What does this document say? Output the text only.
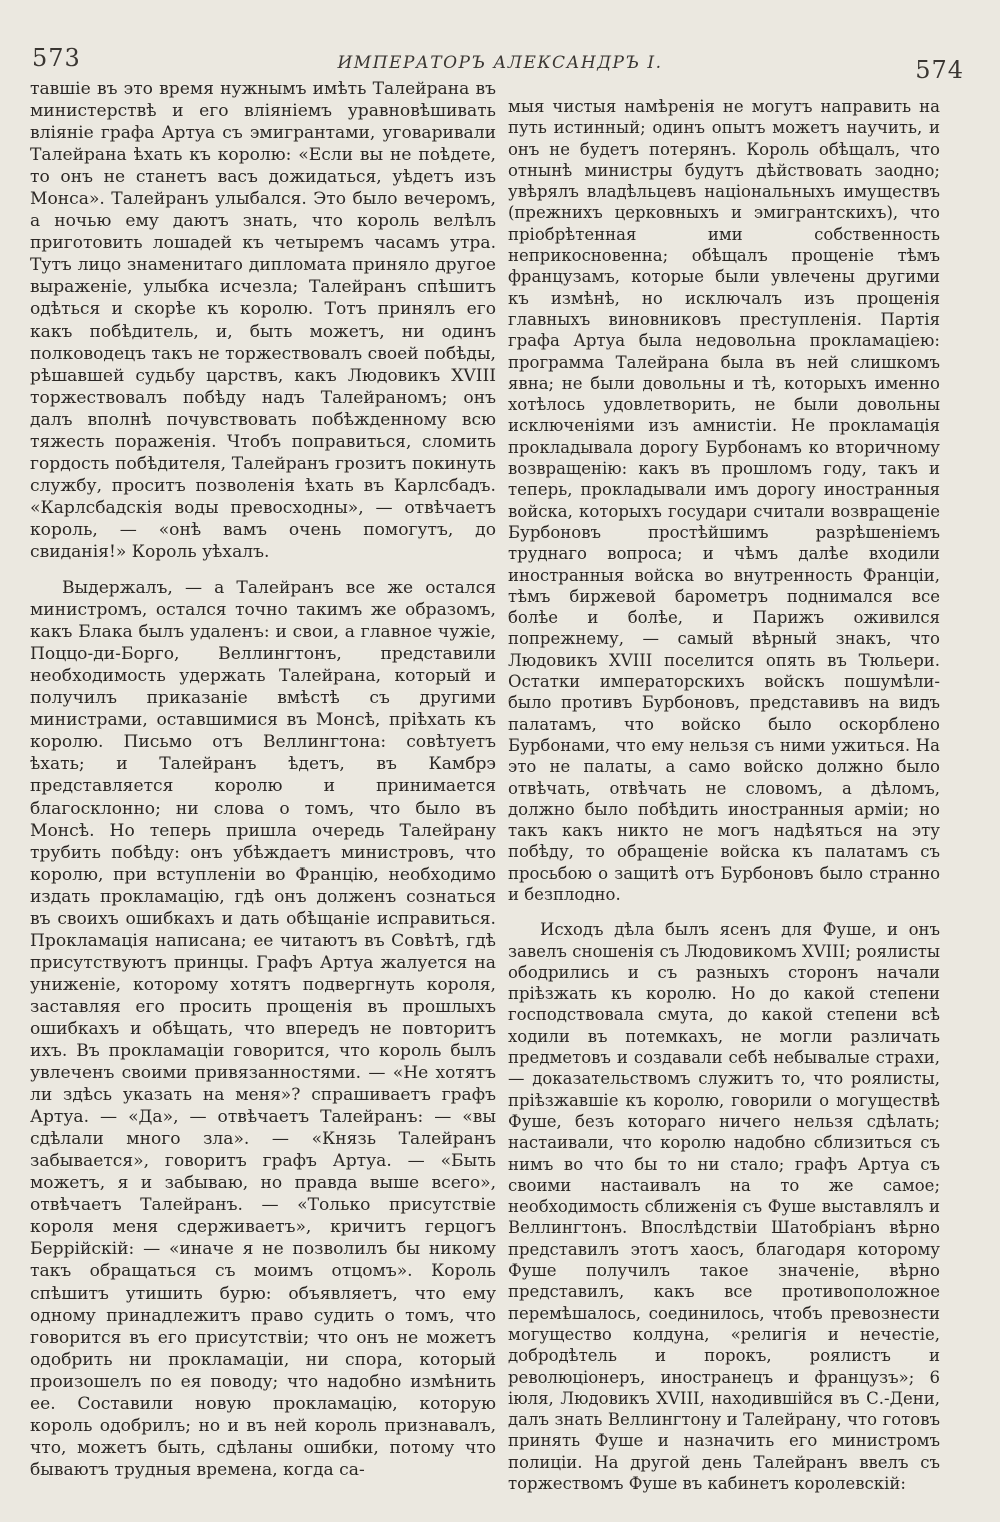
573	ИМПЕРАТОРЪ АЛЕКСАНДРЪ I.	574

тавшіе въ это время нужнымъ имѣть Талейрана въ министерствѣ и его вліяніемъ уравновѣшивать вліяніе графа Артуа съ эмигрантами, уговаривали Талейрана ѣхать къ королю: «Если вы не поѣдете, то онъ не станетъ васъ дожидаться, уѣдетъ изъ Монса». Талейранъ улыбался. Это было вечеромъ, а ночью ему даютъ знать, что король велѣлъ приготовить лошадей къ четыремъ часамъ утра. Тутъ лицо знаменитаго дипломата приняло другое выраженіе, улыбка исчезла; Талейранъ спѣшитъ одѣться и скорѣе къ королю. Тотъ принялъ его какъ побѣдитель, и, быть можетъ, ни одинъ полководецъ такъ не торжествовалъ своей побѣды, рѣшавшей судьбу царствъ, какъ Людовикъ XVIII торжествовалъ побѣду надъ Талейраномъ; онъ далъ вполнѣ почувствовать побѣжденному всю тяжесть пораженія. Чтобъ поправиться, сломить гордость побѣдителя, Талейранъ грозитъ покинуть службу, проситъ позволенія ѣхать въ Карлсбадъ. «Карлсбадскія воды превосходны», — отвѣчаетъ король, — «онѣ вамъ очень помогутъ, до свиданія!» Король уѣхалъ.

Выдержалъ, — а Талейранъ все же остался министромъ, остался точно такимъ же образомъ, какъ Блака былъ удаленъ: и свои, а главное чужіе, Поццо-ди-Борго, Веллингтонъ, представили необходимость удержать Талейрана, который и получилъ приказаніе вмѣстѣ съ другими министрами, оставшимися въ Монсѣ, пріѣхать къ королю. Письмо отъ Веллингтона: совѣтуетъ ѣхать; и Талейранъ ѣдетъ, въ Камбрэ представляется королю и принимается благосклонно; ни слова о томъ, что было въ Монсѣ. Но теперь пришла очередь Талейрану трубить побѣду: онъ убѣждаетъ министровъ, что королю, при вступленіи во Францію, необходимо издать прокламацію, гдѣ онъ долженъ сознаться въ своихъ ошибкахъ и дать обѣщаніе исправиться. Прокламація написана; ее читаютъ въ Совѣтѣ, гдѣ присутствуютъ принцы. Графъ Артуа жалуется на униженіе, которому хотятъ подвергнуть короля, заставляя его просить прощенія въ прошлыхъ ошибкахъ и обѣщать, что впередъ не повторитъ ихъ. Въ прокламаціи говорится, что король былъ увлеченъ своими привязанностями. — «Не хотятъ ли здѣсь указать на меня»? спрашиваетъ графъ Артуа. — «Да», — отвѣчаетъ Талейранъ: — «вы сдѣлали много зла». — «Князь Талейранъ забывается», говоритъ графъ Артуа. — «Быть можетъ, я и забываю, но правда выше всего», отвѣчаетъ Талейранъ. — «Только присутствіе короля меня сдерживаетъ», кричитъ герцогъ Беррійскій: — «иначе я не позволилъ бы никому такъ обращаться съ моимъ отцомъ». Король спѣшитъ утишить бурю: объявляетъ, что ему одному принадлежитъ право судить о томъ, что говорится въ его присутствіи; что онъ не можетъ одобрить ни прокламаціи, ни спора, который произошелъ по ея поводу; что надобно измѣнить ее. Составили новую прокламацію, которую король одобрилъ; но и въ ней король признавалъ, что, можетъ быть, сдѣланы ошибки, потому что бываютъ трудныя времена, когда са-

мыя чистыя намѣренія не могутъ направить на путь истинный; одинъ опытъ можетъ научить, и онъ не будетъ потерянъ. Король обѣщалъ, что отнынѣ министры будутъ дѣйствовать заодно; увѣрялъ владѣльцевъ національныхъ имуществъ (прежнихъ церковныхъ и эмигрантскихъ), что пріобрѣтенная ими собственность неприкосновенна; обѣщалъ прощеніе тѣмъ французамъ, которые были увлечены другими къ измѣнѣ, но исключалъ изъ прощенія главныхъ виновниковъ преступленія. Партія графа Артуа была недовольна прокламаціею: программа Талейрана была въ ней слишкомъ явна; не были довольны и тѣ, которыхъ именно хотѣлось удовлетворить, не были довольны исключеніями изъ амнистіи. Не прокламація прокладывала дорогу Бурбонамъ ко вторичному возвращенію: какъ въ прошломъ году, такъ и теперь, прокладывали имъ дорогу иностранныя войска, которыхъ государи считали возвращеніе Бурбоновъ простѣйшимъ разрѣшеніемъ труднаго вопроса; и чѣмъ далѣе входили иностранныя войска во внутренность Франціи, тѣмъ биржевой барометръ поднимался все болѣе и болѣе, и Парижъ оживился попрежнему, — самый вѣрный знакъ, что Людовикъ XVIII поселится опять въ Тюльери. Остатки императорскихъ войскъ пошумѣли-было противъ Бурбоновъ, представивъ на видъ палатамъ, что войско было оскорблено Бурбонами, что ему нельзя съ ними ужиться. На это не палаты, а само войско должно было отвѣчать, отвѣчать не словомъ, а дѣломъ, должно было побѣдить иностранныя арміи; но такъ какъ никто не могъ надѣяться на эту побѣду, то обращеніе войска къ палатамъ съ просьбою о защитѣ отъ Бурбоновъ было странно и безплодно.

Исходъ дѣла былъ ясенъ для Фуше, и онъ завелъ сношенія съ Людовикомъ XVIII; роялисты ободрились и съ разныхъ сторонъ начали пріѣзжать къ королю. Но до какой степени господствовала смута, до какой степени всѣ ходили въ потемкахъ, не могли различать предметовъ и создавали себѣ небывалые страхи, — доказательствомъ служитъ то, что роялисты, пріѣзжавшіе къ королю, говорили о могуществѣ Фуше, безъ котораго ничего нельзя сдѣлать; настаивали, что королю надобно сблизиться съ нимъ во что бы то ни стало; графъ Артуа съ своими настаивалъ на то же самое; необходимость сближенія съ Фуше выставлялъ и Веллингтонъ. Впослѣдствіи Шатобріанъ вѣрно представилъ этотъ хаосъ, благодаря которому Фуше получилъ такое значеніе, вѣрно представилъ, какъ все противоположное перемѣшалось, соединилось, чтобъ превознести могущество колдуна, «религія и нечестіе, добродѣтель и порокъ, роялистъ и революціонеръ, иностранецъ и французъ»; 6 іюля, Людовикъ XVIII, находившійся въ С.-Дени, далъ знать Веллингтону и Талейрану, что готовъ принять Фуше и назначить его министромъ полиціи. На другой день Талейранъ ввелъ съ торжествомъ Фуше въ кабинетъ королевскій:
